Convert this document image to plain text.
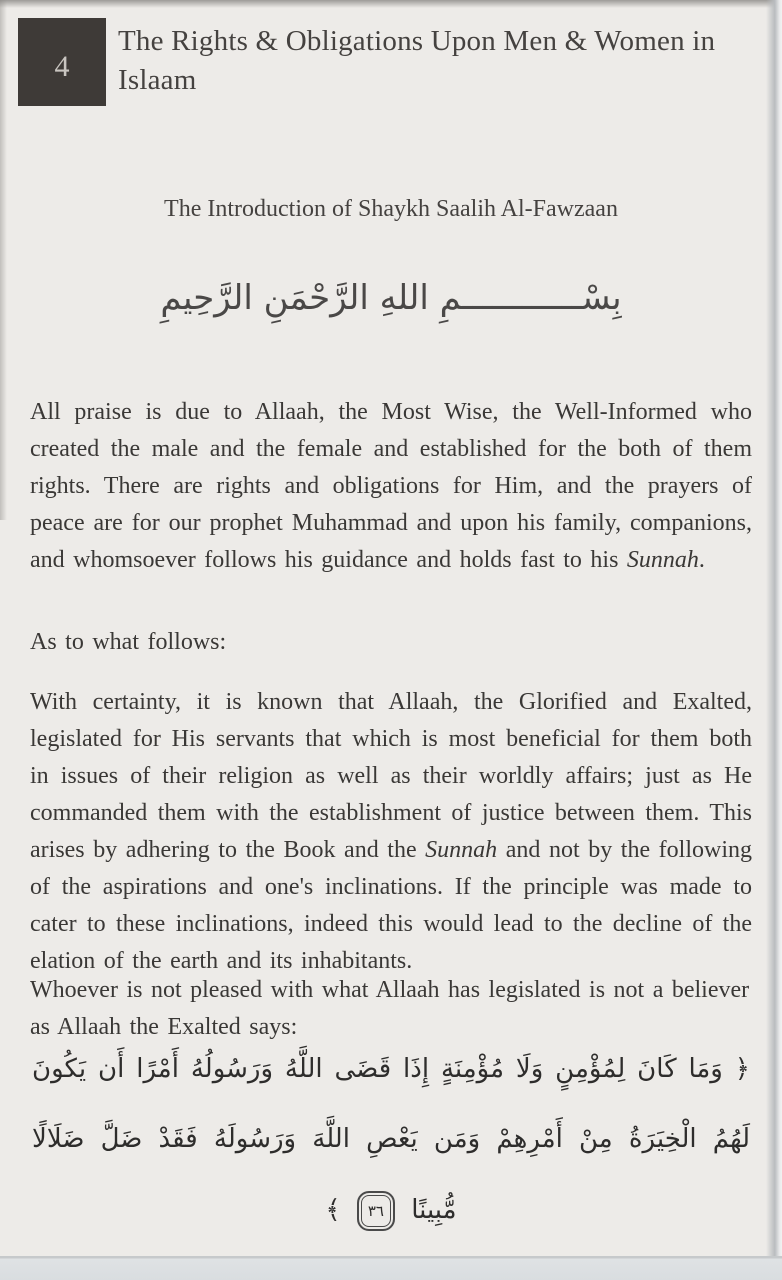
4
The Rights & Obligations Upon Men & Women in Islaam
The Introduction of Shaykh Saalih Al-Fawzaan
بِسْــــــــــــمِ اللهِ الرَّحْمَنِ الرَّحِيمِ

All praise is due to Allaah, the Most Wise, the Well-Informed who created the male and the female and established for the both of them rights. There are rights and obligations for Him, and the prayers of peace are for our prophet Muhammad and upon his family, companions, and whomsoever follows his guidance and holds fast to his Sunnah.

As to what follows:

With certainty, it is known that Allaah, the Glorified and Exalted, legislated for His servants that which is most beneficial for them both in issues of their religion as well as their worldly affairs; just as He commanded them with the establishment of justice between them. This arises by adhering to the Book and the Sunnah and not by the following of the aspirations and one's inclinations. If the principle was made to cater to these inclinations, indeed this would lead to the decline of the elation of the earth and its inhabitants.

Whoever is not pleased with what Allaah has legislated is not a believer as Allaah the Exalted says:

﴿ وَمَا كَانَ لِمُؤْمِنٍ وَلَا مُؤْمِنَةٍ إِذَا قَضَى اللَّهُ وَرَسُولُهُ أَمْرًا أَن يَكُونَ
لَهُمُ الْخِيَرَةُ مِنْ أَمْرِهِمْ وَمَن يَعْصِ اللَّهَ وَرَسُولَهُ فَقَدْ ضَلَّ ضَلَالًا
مُّبِينًا
٣٦
﴾
